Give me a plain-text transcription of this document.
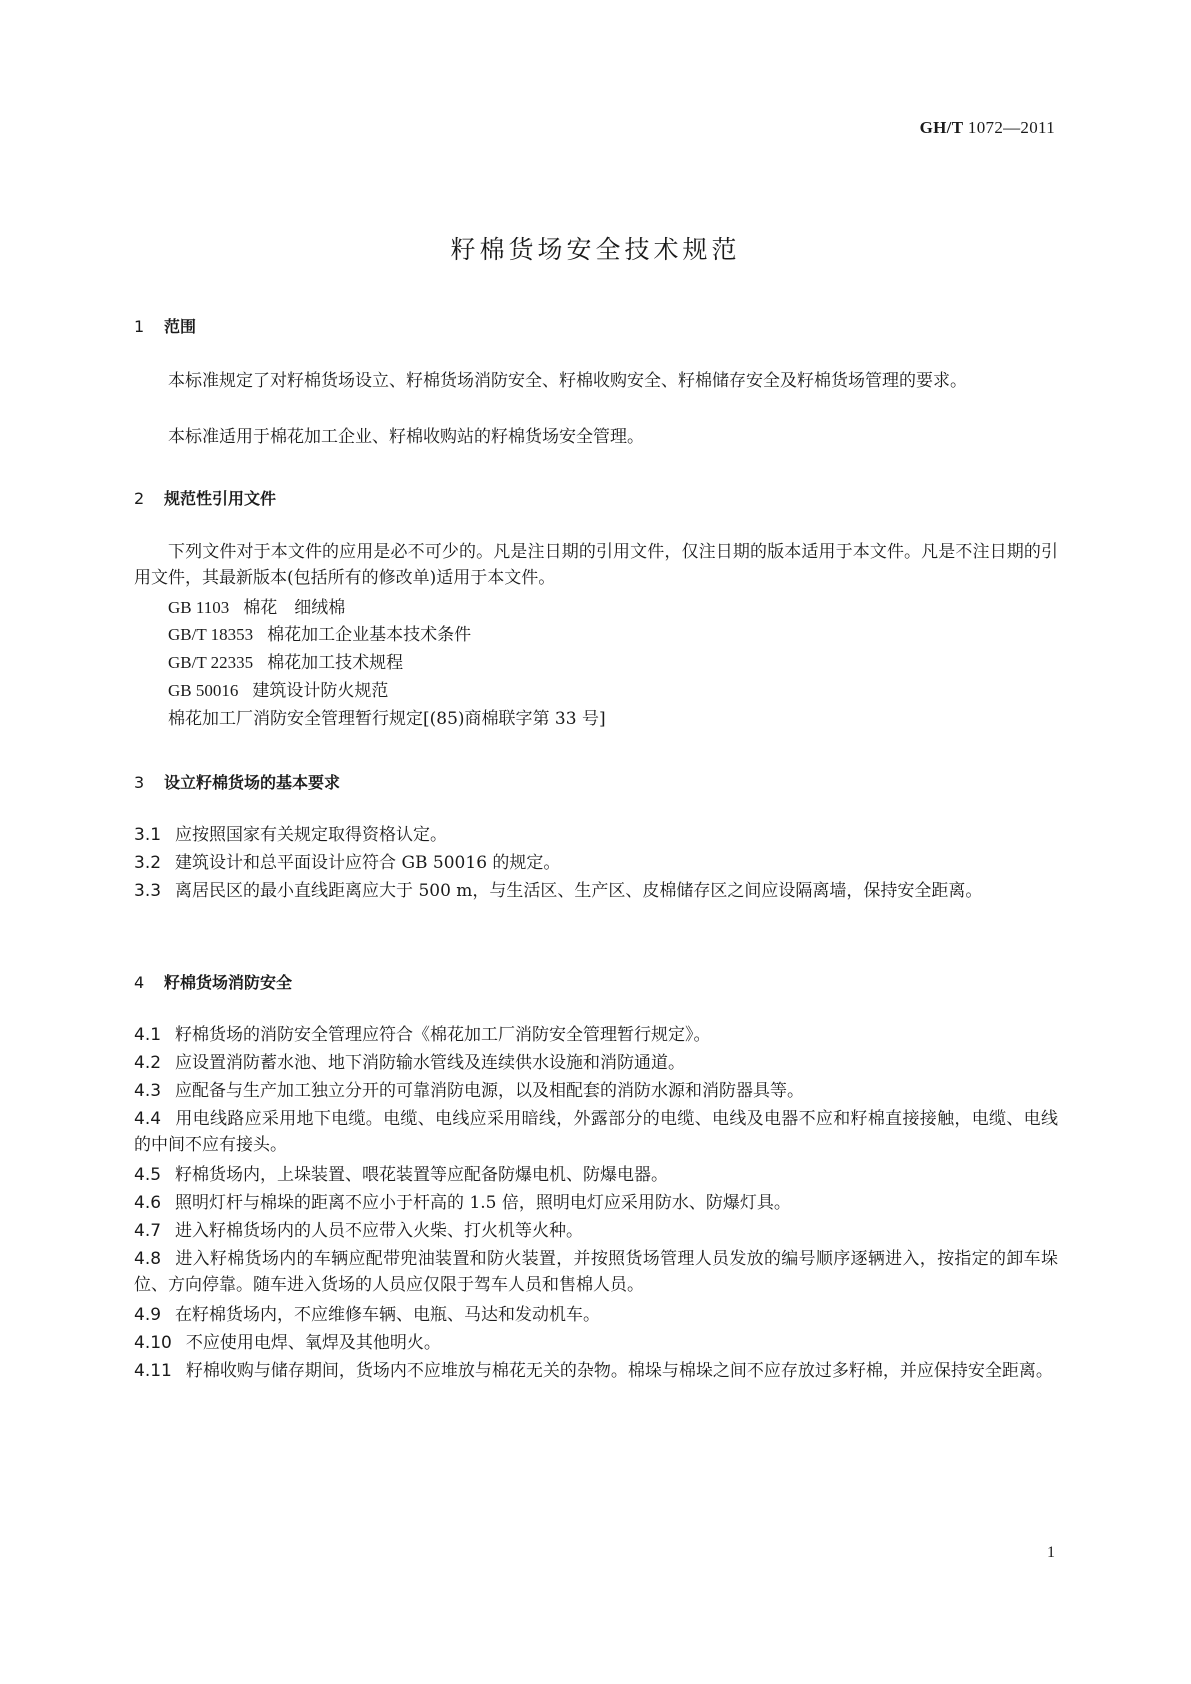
GH/T 1072—2011
籽棉货场安全技术规范
1 范围
本标准规定了对籽棉货场设立、籽棉货场消防安全、籽棉收购安全、籽棉储存安全及籽棉货场管理的要求。
本标准适用于棉花加工企业、籽棉收购站的籽棉货场安全管理。
2 规范性引用文件
下列文件对于本文件的应用是必不可少的。凡是注日期的引用文件，仅注日期的版本适用于本文件。凡是不注日期的引用文件，其最新版本(包括所有的修改单)适用于本文件。
GB 1103 棉花　细绒棉
GB/T 18353 棉花加工企业基本技术条件
GB/T 22335 棉花加工技术规程
GB 50016 建筑设计防火规范
棉花加工厂消防安全管理暂行规定[(85)商棉联字第 33 号]
3 设立籽棉货场的基本要求
3.1 应按照国家有关规定取得资格认定。
3.2 建筑设计和总平面设计应符合 GB 50016 的规定。
3.3 离居民区的最小直线距离应大于 500 m，与生活区、生产区、皮棉储存区之间应设隔离墙，保持安全距离。
4 籽棉货场消防安全
4.1 籽棉货场的消防安全管理应符合《棉花加工厂消防安全管理暂行规定》。
4.2 应设置消防蓄水池、地下消防输水管线及连续供水设施和消防通道。
4.3 应配备与生产加工独立分开的可靠消防电源，以及相配套的消防水源和消防器具等。
4.4 用电线路应采用地下电缆。电缆、电线应采用暗线，外露部分的电缆、电线及电器不应和籽棉直接接触，电缆、电线的中间不应有接头。
4.5 籽棉货场内，上垛装置、喂花装置等应配备防爆电机、防爆电器。
4.6 照明灯杆与棉垛的距离不应小于杆高的 1.5 倍，照明电灯应采用防水、防爆灯具。
4.7 进入籽棉货场内的人员不应带入火柴、打火机等火种。
4.8 进入籽棉货场内的车辆应配带兜油装置和防火装置，并按照货场管理人员发放的编号顺序逐辆进入，按指定的卸车垛位、方向停靠。随车进入货场的人员应仅限于驾车人员和售棉人员。
4.9 在籽棉货场内，不应维修车辆、电瓶、马达和发动机车。
4.10 不应使用电焊、氧焊及其他明火。
4.11 籽棉收购与储存期间，货场内不应堆放与棉花无关的杂物。棉垛与棉垛之间不应存放过多籽棉，并应保持安全距离。
1
